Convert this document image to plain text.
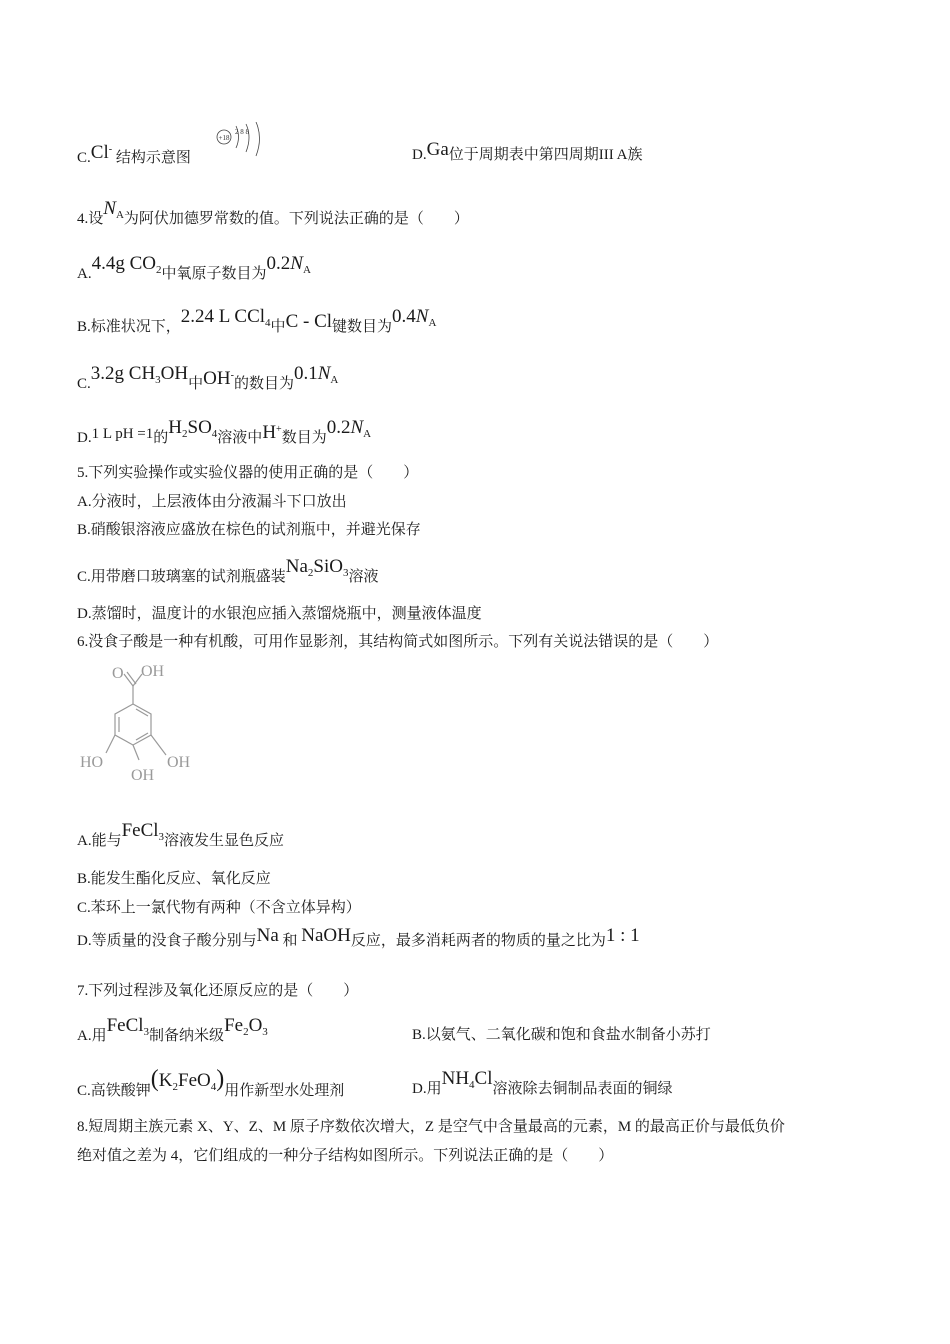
C.Cl- 结构示意图
+18
2 8 8
D.Ga位于周期表中第四周期III A族
4.设$N_A$为阿伏加德罗常数的值。下列说法正确的是（　　）
A.4.4g $CO_2$中氧原子数目为$0.2N_A$
B.标准状况下，2.24 L CCl$_4$中C - Cl键数目为$0.4N_A$
C.3.2g $CH_3OH$中OH-的数目为$0.1N_A$
D.1 L pH =1的$H_2SO_4$溶液中H+数目为$0.2N_A$
5.下列实验操作或实验仪器的使用正确的是（　　）
A.分液时，上层液体由分液漏斗下口放出
B.硝酸银溶液应盛放在棕色的试剂瓶中，并避光保存
C.用带磨口玻璃塞的试剂瓶盛装$Na_2SiO_3$溶液
D.蒸馏时，温度计的水银泡应插入蒸馏烧瓶中，测量液体温度
6.没食子酸是一种有机酸，可用作显影剂，其结构简式如图所示。下列有关说法错误的是（　　）
O OH
HO
OH
OH
A.能与FeCl$_3$溶液发生显色反应
B.能发生酯化反应、氧化反应
C.苯环上一氯代物有两种（不含立体异构）
D.等质量的没食子酸分别与Na 和 NaOH反应，最多消耗两者的物质的量之比为1 : 1
7.下列过程涉及氧化还原反应的是（　　）
A.用FeCl$_3$制备纳米级$Fe_2O_3$	B.以氨气、二氧化碳和饱和食盐水制备小苏打
C.高铁酸钾$(K_2FeO_4)$用作新型水处理剂	D.用$NH_4Cl$溶液除去铜制品表面的铜绿
8.短周期主族元素 X、Y、Z、M 原子序数依次增大，Z 是空气中含量最高的元素，M 的最高正价与最低负价
绝对值之差为 4，它们组成的一种分子结构如图所示。下列说法正确的是（　　）
